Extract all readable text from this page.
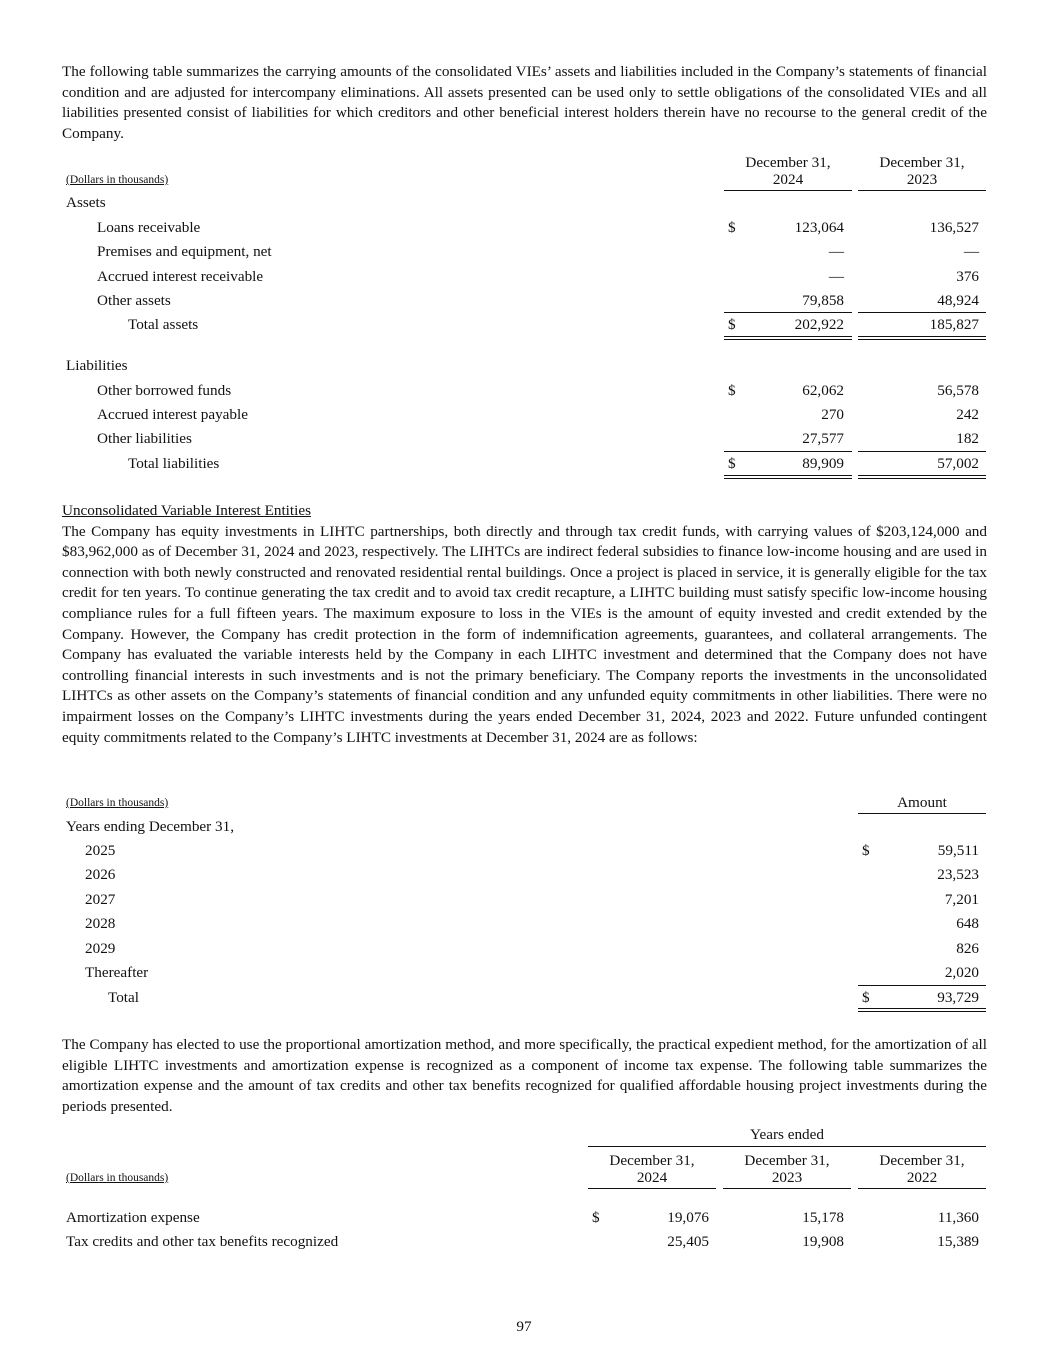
The following table summarizes the carrying amounts of the consolidated VIEs’ assets and liabilities included in the Company’s statements of financial condition and are adjusted for intercompany eliminations. All assets presented can be used only to settle obligations of the consolidated VIEs and all liabilities presented consist of liabilities for which creditors and other beneficial interest holders therein have no recourse to the general credit of the Company.

(Dollars in thousands)
December 31,
2024
December 31,
2023
Assets
Loans receivable	$	123,064	136,527
Premises and equipment, net	—	—
Accrued interest receivable	—	376
Other assets	79,858	48,924
Total assets	$	202,922	185,827
Liabilities
Other borrowed funds	$	62,062	56,578
Accrued interest payable	270	242
Other liabilities	27,577	182
Total liabilities	$	89,909	57,002
Unconsolidated Variable Interest Entities

The Company has equity investments in LIHTC partnerships, both directly and through tax credit funds, with carrying values of $203,124,000 and $83,962,000 as of December 31, 2024 and 2023, respectively. The LIHTCs are indirect federal subsidies to finance low-income housing and are used in connection with both newly constructed and renovated residential rental buildings. Once a project is placed in service, it is generally eligible for the tax credit for ten years. To continue generating the tax credit and to avoid tax credit recapture, a LIHTC building must satisfy specific low-income housing compliance rules for a full fifteen years. The maximum exposure to loss in the VIEs is the amount of equity invested and credit extended by the Company. However, the Company has credit protection in the form of indemnification agreements, guarantees, and collateral arrangements. The Company has evaluated the variable interests held by the Company in each LIHTC investment and determined that the Company does not have controlling financial interests in such investments and is not the primary beneficiary. The Company reports the investments in the unconsolidated LIHTCs as other assets on the Company’s statements of financial condition and any unfunded equity commitments in other liabilities. There were no impairment losses on the Company’s LIHTC investments during the years ended December 31, 2024, 2023 and 2022. Future unfunded contingent equity commitments related to the Company’s LIHTC investments at December 31, 2024 are as follows:

(Dollars in thousands)	Amount
Years ending December 31,
2025	$	59,511
2026	23,523
2027	7,201
2028	648
2029	826
Thereafter	2,020
Total	$	93,729

The Company has elected to use the proportional amortization method, and more specifically, the practical expedient method, for the amortization of all eligible LIHTC investments and amortization expense is recognized as a component of income tax expense. The following table summarizes the amortization expense and the amount of tax credits and other tax benefits recognized for qualified affordable housing project investments during the periods presented.

Years ended
(Dollars in thousands)
December 31,
2024
December 31,
2023
December 31,
2022
Amortization expense	$	19,076	15,178	11,360
Tax credits and other tax benefits recognized	25,405	19,908	15,389
97
